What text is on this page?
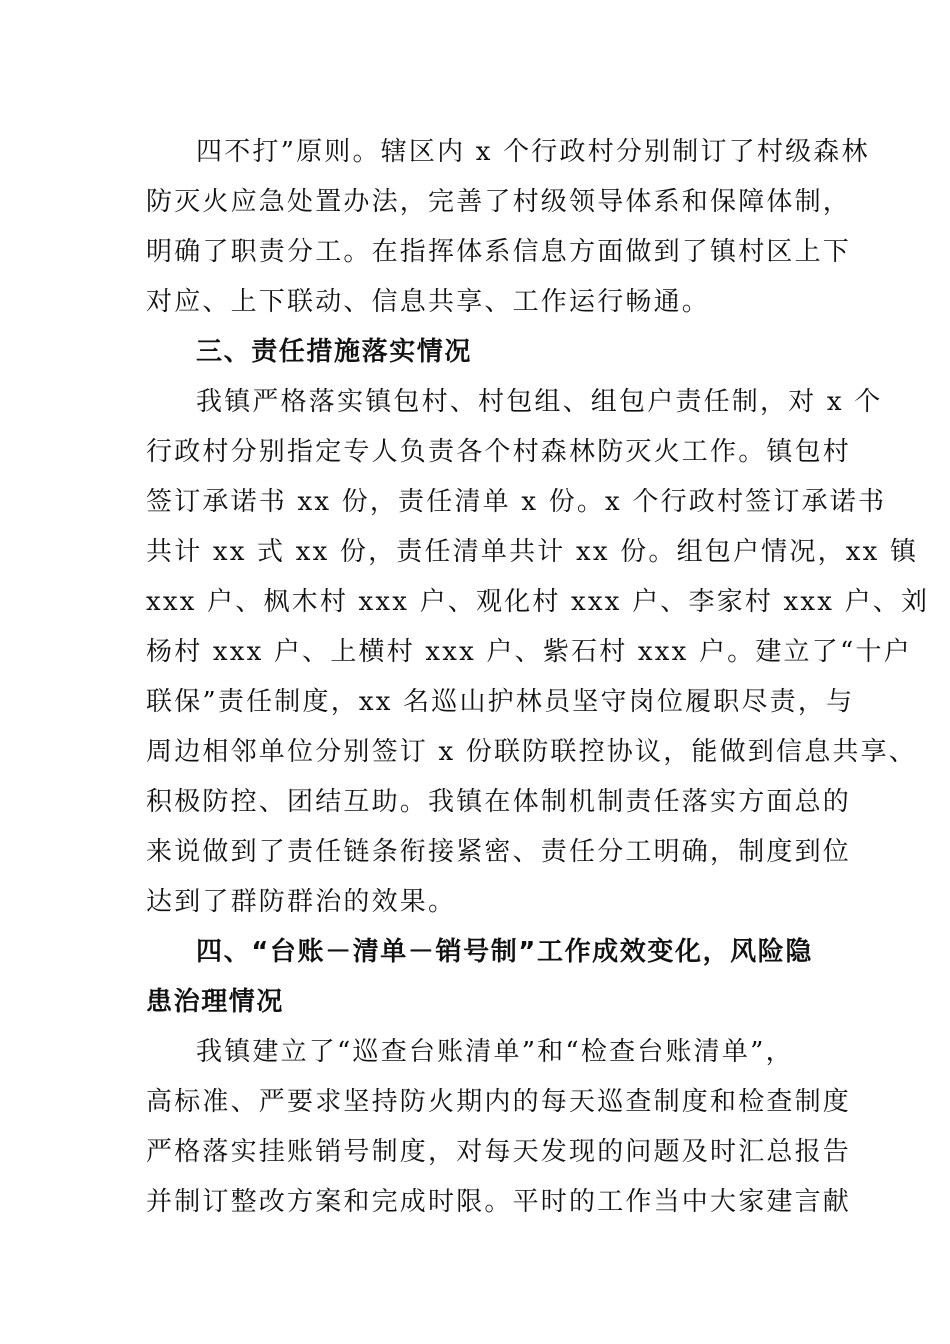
四不打”原则。辖区内 x 个行政村分别制订了村级森林
防灭火应急处置办法，完善了村级领导体系和保障体制，
明确了职责分工。在指挥体系信息方面做到了镇村区上下
对应、上下联动、信息共享、工作运行畅通。
三、责任措施落实情况
我镇严格落实镇包村、村包组、组包户责任制，对 x 个
行政村分别指定专人负责各个村森林防灭火工作。镇包村
签订承诺书 xx 份，责任清单 x 份。x 个行政村签订承诺书
共计 xx 式 xx 份，责任清单共计 xx 份。组包户情况，xx 镇
xxx 户、枫木村 xxx 户、观化村 xxx 户、李家村 xxx 户、刘
杨村 xxx 户、上横村 xxx 户、紫石村 xxx 户。建立了“十户
联保”责任制度，xx 名巡山护林员坚守岗位履职尽责，与
周边相邻单位分别签订 x 份联防联控协议，能做到信息共享、
积极防控、团结互助。我镇在体制机制责任落实方面总的
来说做到了责任链条衔接紧密、责任分工明确，制度到位
达到了群防群治的效果。
四、“台账－清单－销号制”工作成效变化，风险隐
患治理情况
我镇建立了“巡查台账清单”和“检查台账清单”，
高标准、严要求坚持防火期内的每天巡查制度和检查制度
严格落实挂账销号制度，对每天发现的问题及时汇总报告
并制订整改方案和完成时限。平时的工作当中大家建言献
